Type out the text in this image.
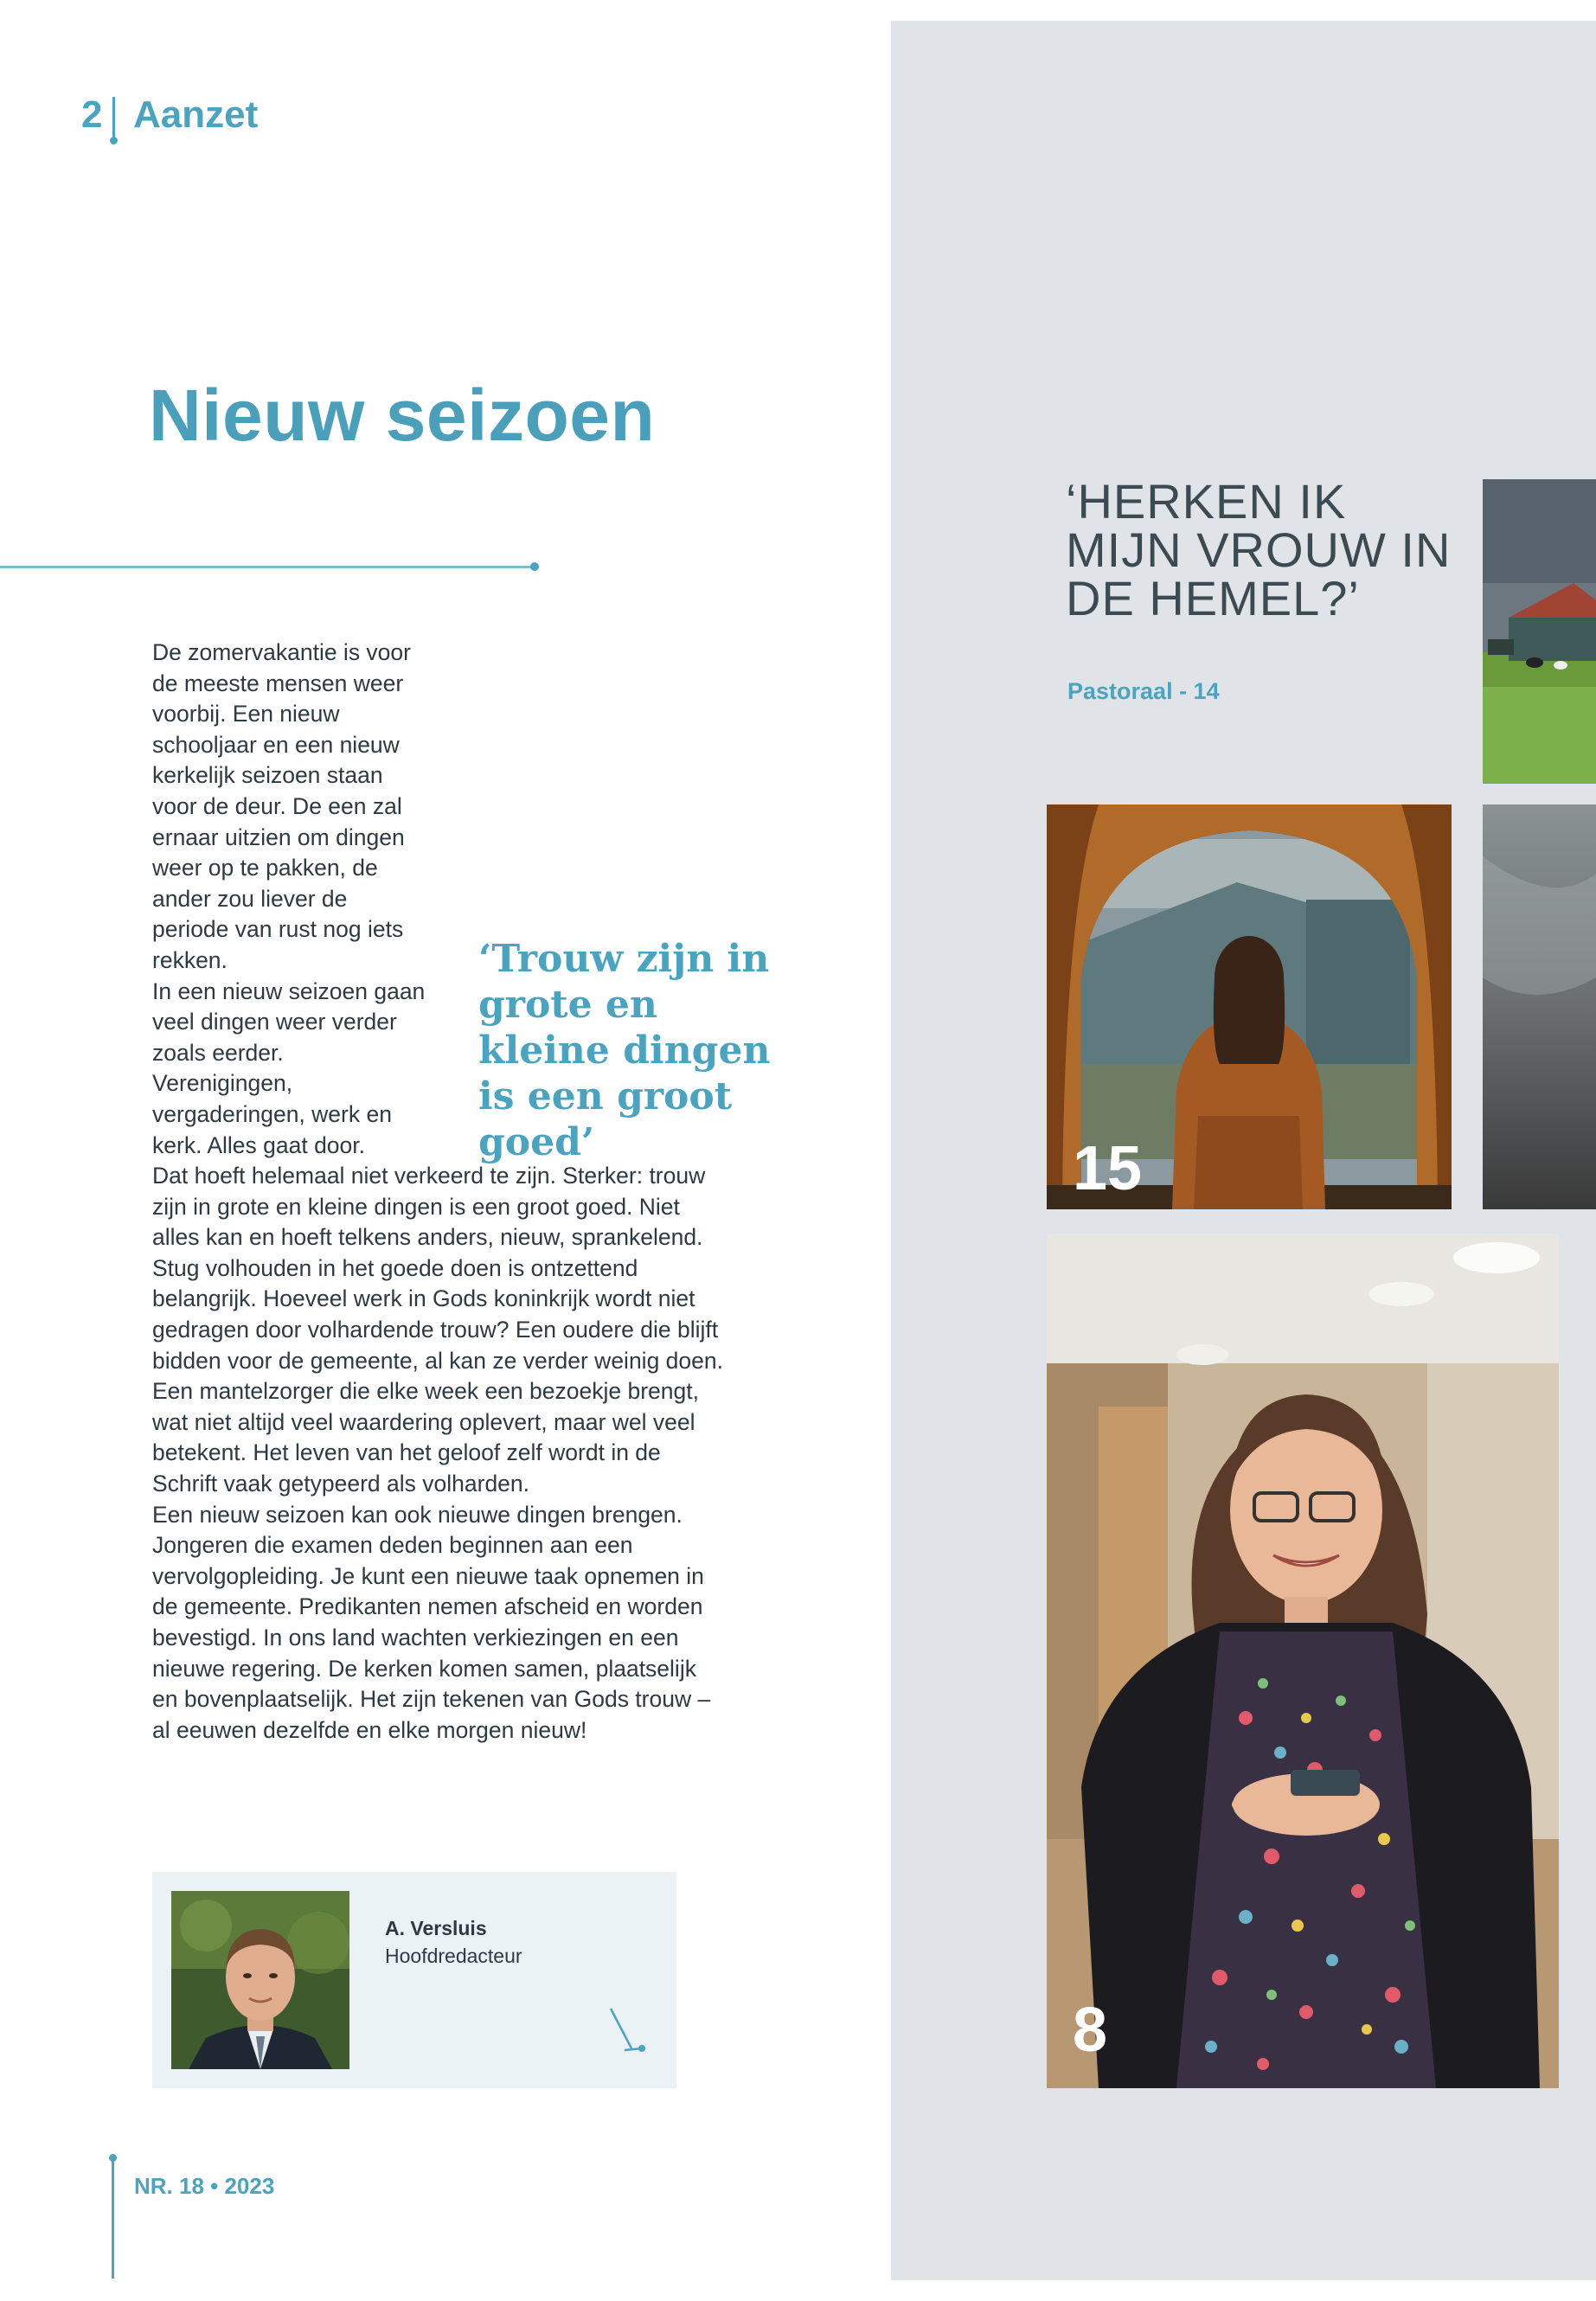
2 Aanzet
Nieuw seizoen

De zomervakantie is voor de meeste mensen weer voorbij. Een nieuw schooljaar en een nieuw kerkelijk seizoen staan voor de deur. De een zal ernaar uitzien om dingen weer op te pakken, de ander zou liever de periode van rust nog iets rekken.

In een nieuw seizoen gaan veel dingen weer verder zoals eerder. Verenigingen, vergaderingen, werk en kerk. Alles gaat door.

Dat hoeft helemaal niet verkeerd te zijn. Sterker: trouw zijn in grote en kleine dingen is een groot goed. Niet alles kan en hoeft telkens anders, nieuw, sprankelend. Stug volhouden in het goede doen is ontzettend belangrijk. Hoeveel werk in Gods koninkrijk wordt niet gedragen door volhardende trouw? Een oudere die blijft bidden voor de gemeente, al kan ze verder weinig doen. Een mantelzorger die elke week een bezoekje brengt, wat niet altijd veel waardering oplevert, maar wel veel betekent. Het leven van het geloof zelf wordt in de Schrift vaak getypeerd als volharden.

Een nieuw seizoen kan ook nieuwe dingen brengen. Jongeren die examen deden beginnen aan een vervolgopleiding. Je kunt een nieuwe taak opnemen in de gemeente. Predikanten nemen afscheid en worden bevestigd. In ons land wachten verkiezingen en een nieuwe regering. De kerken komen samen, plaatselijk en bovenplaatselijk. Het zijn tekenen van Gods trouw – al eeuwen dezelfde en elke morgen nieuw!

‘Trouw zijn in grote en kleine dingen is een groot goed’
A. Versluis
Hoofdredacteur
NR. 18 • 2023
‘HERKEN IK MIJN VROUW IN DE HEMEL?’
Pastoraal - 14
15
8
